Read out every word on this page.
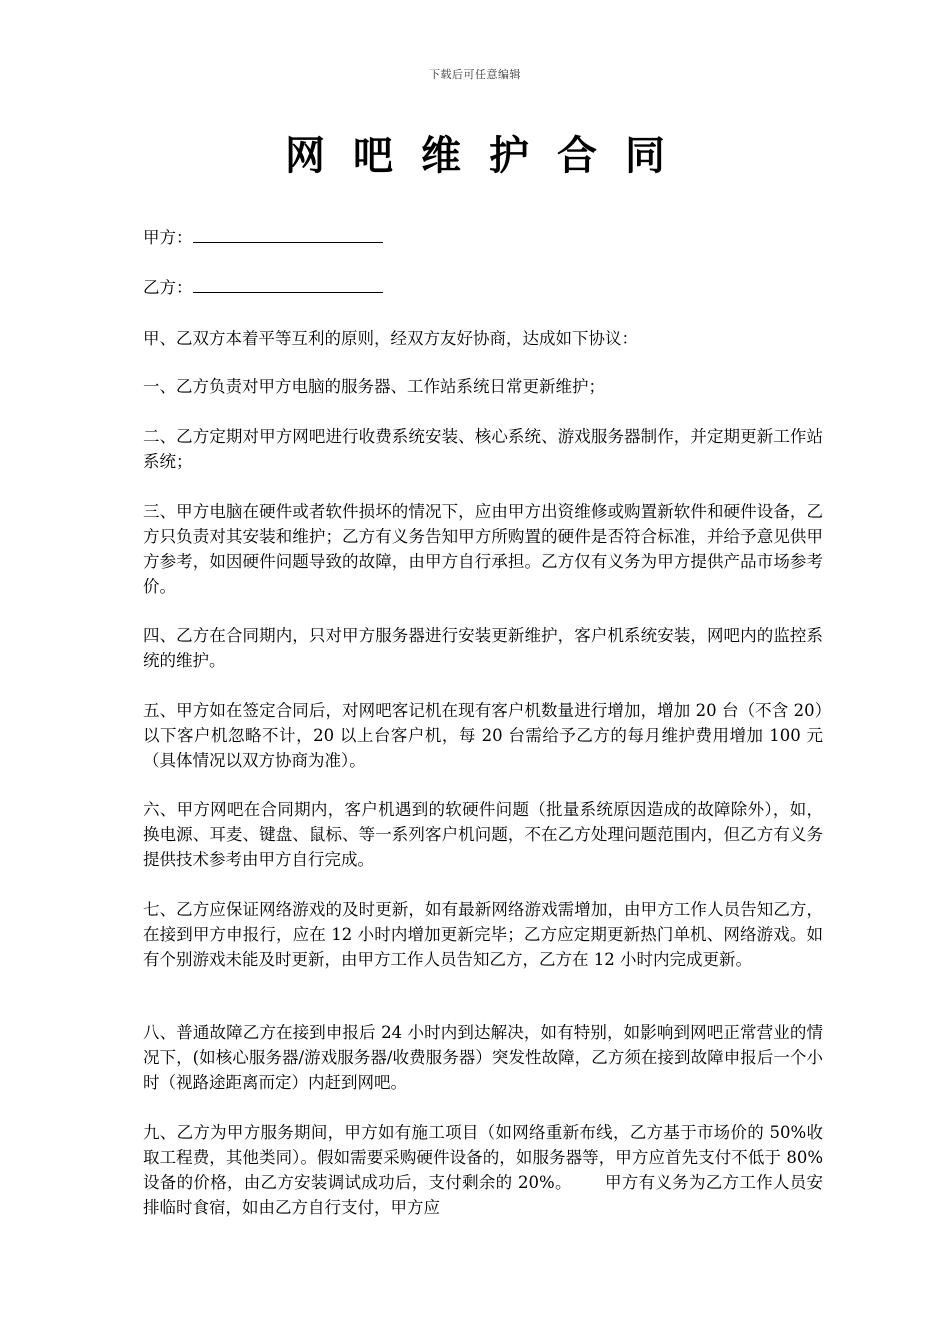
下载后可任意编辑
网吧维护合同
甲方：
乙方：
甲、乙双方本着平等互利的原则，经双方友好协商，达成如下协议：
一、乙方负责对甲方电脑的服务器、工作站系统日常更新维护；
二、乙方定期对甲方网吧进行收费系统安装、核心系统、游戏服务器制作，并定期更新工作站系统；
三、甲方电脑在硬件或者软件损坏的情况下，应由甲方出资维修或购置新软件和硬件设备，乙方只负责对其安装和维护；乙方有义务告知甲方所购置的硬件是否符合标准，并给予意见供甲方参考，如因硬件问题导致的故障，由甲方自行承担。乙方仅有义务为甲方提供产品市场参考价。
四、乙方在合同期内，只对甲方服务器进行安装更新维护，客户机系统安装，网吧内的监控系统的维护。
五、甲方如在签定合同后，对网吧客记机在现有客户机数量进行增加，增加 20 台（不含 20）以下客户机忽略不计，20 以上台客户机，每 20 台需给予乙方的每月维护费用增加 100 元（具体情况以双方协商为准）。
六、甲方网吧在合同期内，客户机遇到的软硬件问题（批量系统原因造成的故障除外），如，换电源、耳麦、键盘、鼠标、等一系列客户机问题，不在乙方处理问题范围内，但乙方有义务提供技术参考由甲方自行完成。
七、乙方应保证网络游戏的及时更新，如有最新网络游戏需增加，由甲方工作人员告知乙方，在接到甲方申报行，应在 12 小时内增加更新完毕；乙方应定期更新热门单机、网络游戏。如有个别游戏未能及时更新，由甲方工作人员告知乙方，乙方在 12 小时内完成更新。
八、普通故障乙方在接到申报后 24 小时内到达解决，如有特别，如影响到网吧正常营业的情况下，(如核心服务器/游戏服务器/收费服务器）突发性故障，乙方须在接到故障申报后一个小时（视路途距离而定）内赶到网吧。
九、乙方为甲方服务期间，甲方如有施工项目（如网络重新布线，乙方基于市场价的 50%收取工程费，其他类同）。假如需要采购硬件设备的，如服务器等，甲方应首先支付不低于 80%设备的价格，由乙方安装调试成功后，支付剩余的 20%。      甲方有义务为乙方工作人员安排临时食宿，如由乙方自行支付，甲方应
